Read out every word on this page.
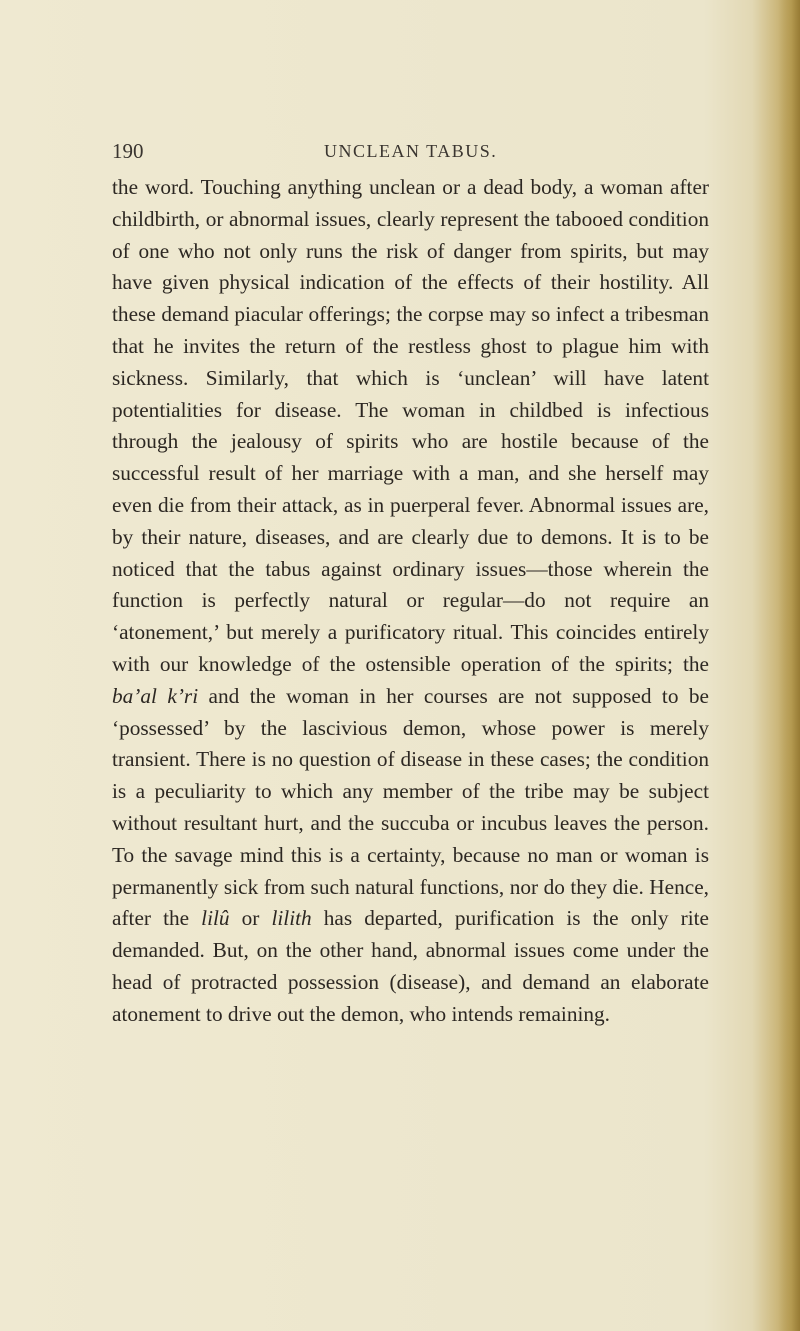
190	UNCLEAN TABUS.

the word. Touching anything unclean or a dead body, a woman after childbirth, or abnormal issues, clearly represent the tabooed condition of one who not only runs the risk of danger from spirits, but may have given physical indication of the effects of their hostility. All these demand piacular offerings; the corpse may so infect a tribesman that he invites the return of the restless ghost to plague him with sickness. Similarly, that which is ‘unclean’ will have latent potentialities for disease. The woman in childbed is infectious through the jealousy of spirits who are hostile because of the successful result of her marriage with a man, and she herself may even die from their attack, as in puerperal fever. Abnormal issues are, by their nature, diseases, and are clearly due to demons. It is to be noticed that the tabus against ordinary issues—those wherein the function is perfectly natural or regular—do not require an ‘atonement,’ but merely a purificatory ritual. This coincides entirely with our knowledge of the ostensible operation of the spirits; the ba’al k’ri and the woman in her courses are not supposed to be ‘possessed’ by the lascivious demon, whose power is merely transient. There is no question of disease in these cases; the condition is a peculiarity to which any member of the tribe may be subject without resultant hurt, and the succuba or incubus leaves the person. To the savage mind this is a certainty, because no man or woman is permanently sick from such natural functions, nor do they die. Hence, after the lilû or lilith has departed, purification is the only rite demanded. But, on the other hand, abnormal issues come under the head of protracted possession (disease), and demand an elaborate atonement to drive out the demon, who intends remaining.
